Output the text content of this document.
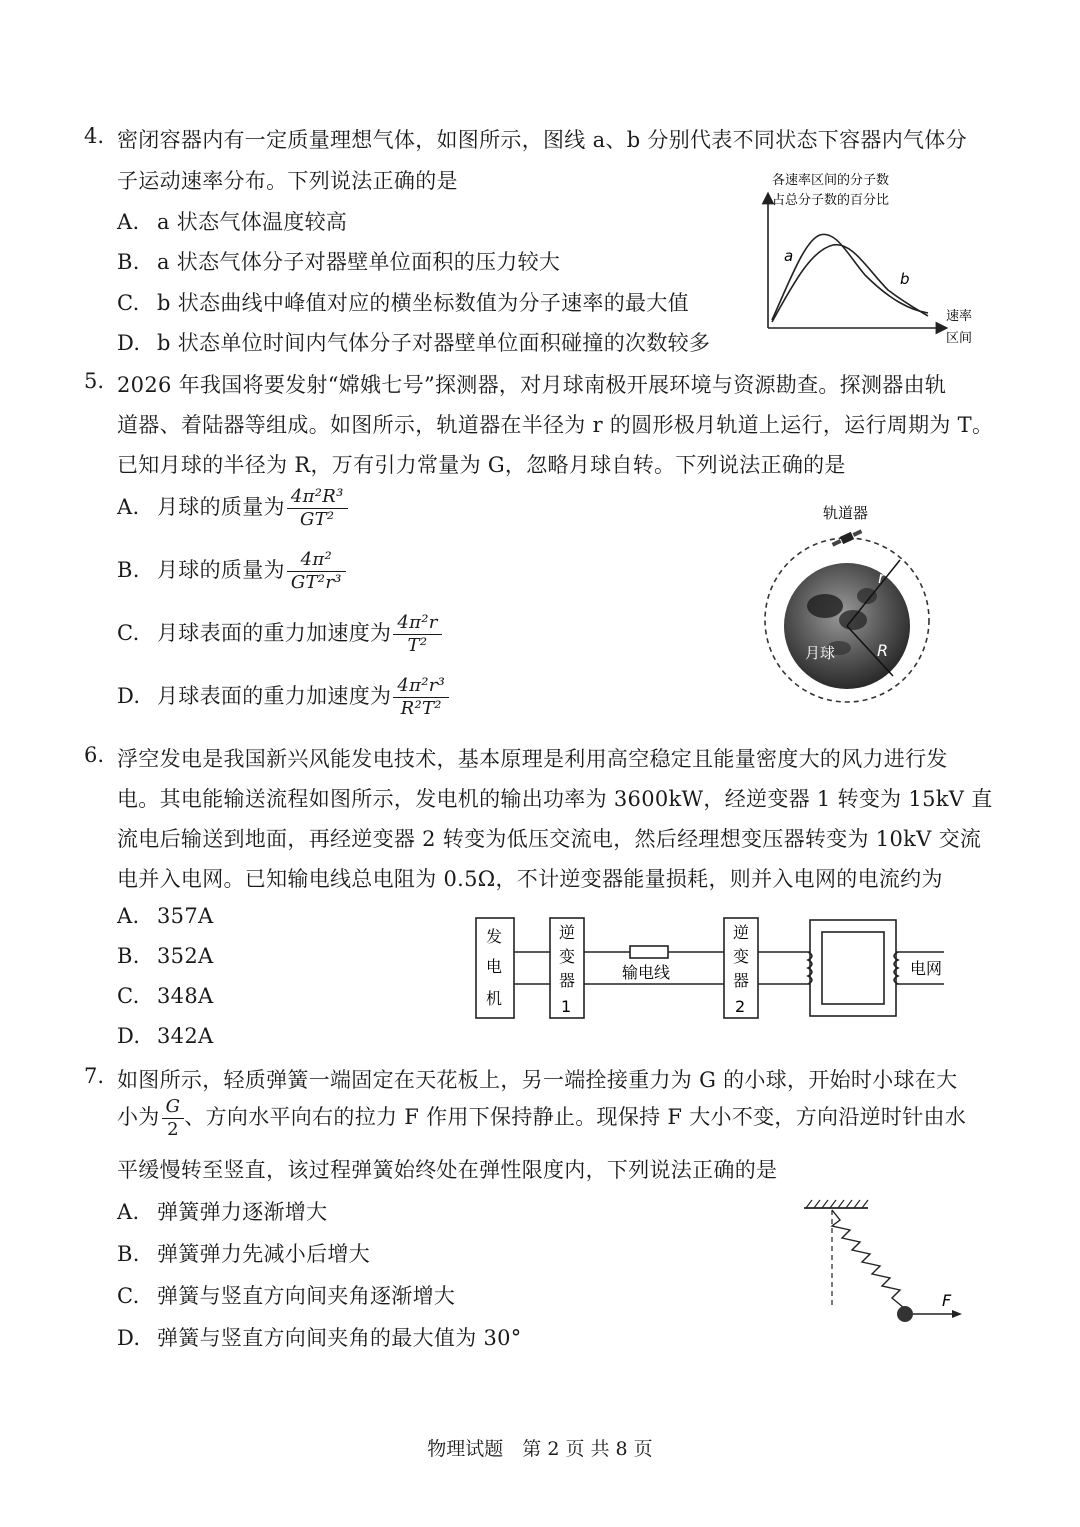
4. 密闭容器内有一定质量理想气体，如图所示，图线 a、b 分别代表不同状态下容器内气体分
子运动速率分布。下列说法正确的是
A. a 状态气体温度较高
B. a 状态气体分子对器壁单位面积的压力较大
C. b 状态曲线中峰值对应的横坐标数值为分子速率的最大值
D. b 状态单位时间内气体分子对器壁单位面积碰撞的次数较多
各速率区间的分子数
占总分子数的百分比
速率
区间
a
b
5. 2026 年我国将要发射“嫦娥七号”探测器，对月球南极开展环境与资源勘查。探测器由轨
道器、着陆器等组成。如图所示，轨道器在半径为 r 的圆形极月轨道上运行，运行周期为 T。
已知月球的半径为 R，万有引力常量为 G，忽略月球自转。下列说法正确的是
A. 月球的质量为 $\frac{\text{4π²R³}}{\text{GT²}}$
B. 月球的质量为 $\frac{\text{4π²}}{\text{GT²r³}}$
C. 月球表面的重力加速度为 $\frac{\text{4π²r}}{\text{T²}}$
D. 月球表面的重力加速度为 $\frac{\text{4π²r³}}{\text{R²T²}}$
轨道器
r
R
月球
6. 浮空发电是我国新兴风能发电技术，基本原理是利用高空稳定且能量密度大的风力进行发
电。其电能输送流程如图所示，发电机的输出功率为 3600kW，经逆变器 1 转变为 15kV 直
流电后输送到地面，再经逆变器 2 转变为低压交流电，然后经理想变压器转变为 10kV 交流
电并入电网。已知输电线总电阻为 0.5Ω，不计逆变器能量损耗，则并入电网的电流约为
A. 357A
B. 352A
C. 348A
D. 342A
发
电
机
逆
变
器
1
输电线
逆
变
器
2
电网
7. 如图所示，轻质弹簧一端固定在天花板上，另一端拴接重力为 G 的小球，开始时小球在大
小为 $\frac{G}{2}$ 、方向水平向右的拉力 F 作用下保持静止。现保持 F 大小不变，方向沿逆时针由水
平缓慢转至竖直，该过程弹簧始终处在弹性限度内，下列说法正确的是
A. 弹簧弹力逐渐增大
B. 弹簧弹力先减小后增大
C. 弹簧与竖直方向间夹角逐渐增大
D. 弹簧与竖直方向间夹角的最大值为 30°
F
物理试题　第 2 页 共 8 页
